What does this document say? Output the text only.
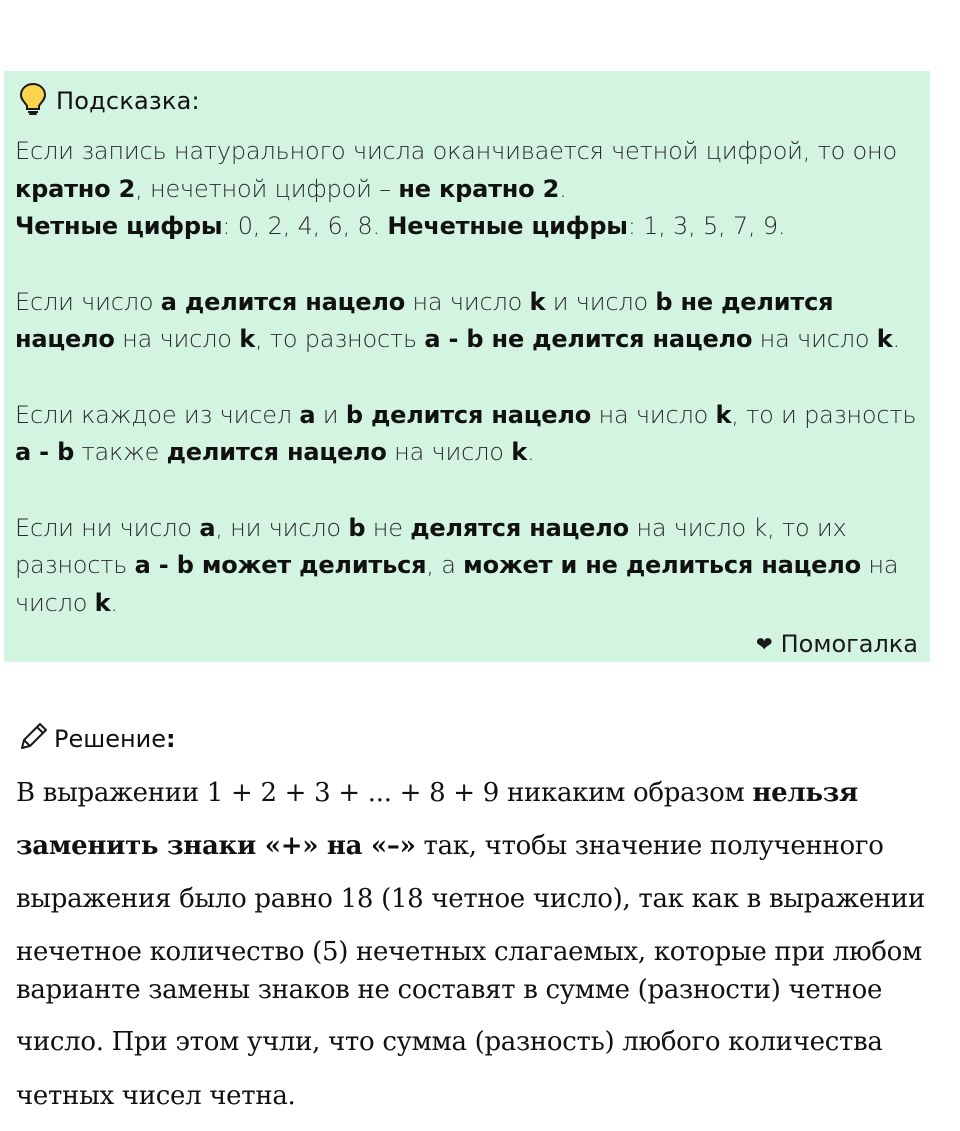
Подсказка:

Если запись натурального числа оканчивается четной цифрой, то оно кратно 2, нечетной цифрой – не кратно 2.

Четные цифры: 0, 2, 4, 6, 8. Нечетные цифры: 1, 3, 5, 7, 9.

Если число a делится нацело на число k и число b не делится нацело на число k, то разность a - b не делится нацело на число k.

Если каждое из чисел a и b делится нацело на число k, то и разность a - b также делится нацело на число k.

Если ни число a, ни число b не делятся нацело на число k, то их разность a - b может делиться, а может и не делиться нацело на число k.

❤ Помогалка
Решение:
В выражении 1 + 2 + 3 + ... + 8 + 9 никаким образом нельзя
заменить знаки «+» на «–» так, чтобы значение полученного
выражения было равно 18 (18 четное число), так как в выражении
нечетное количество (5) нечетных слагаемых, которые при любом
варианте замены знаков не составят в сумме (разности) четное
число. При этом учли, что сумма (разность) любого количества
четных чисел четна.
